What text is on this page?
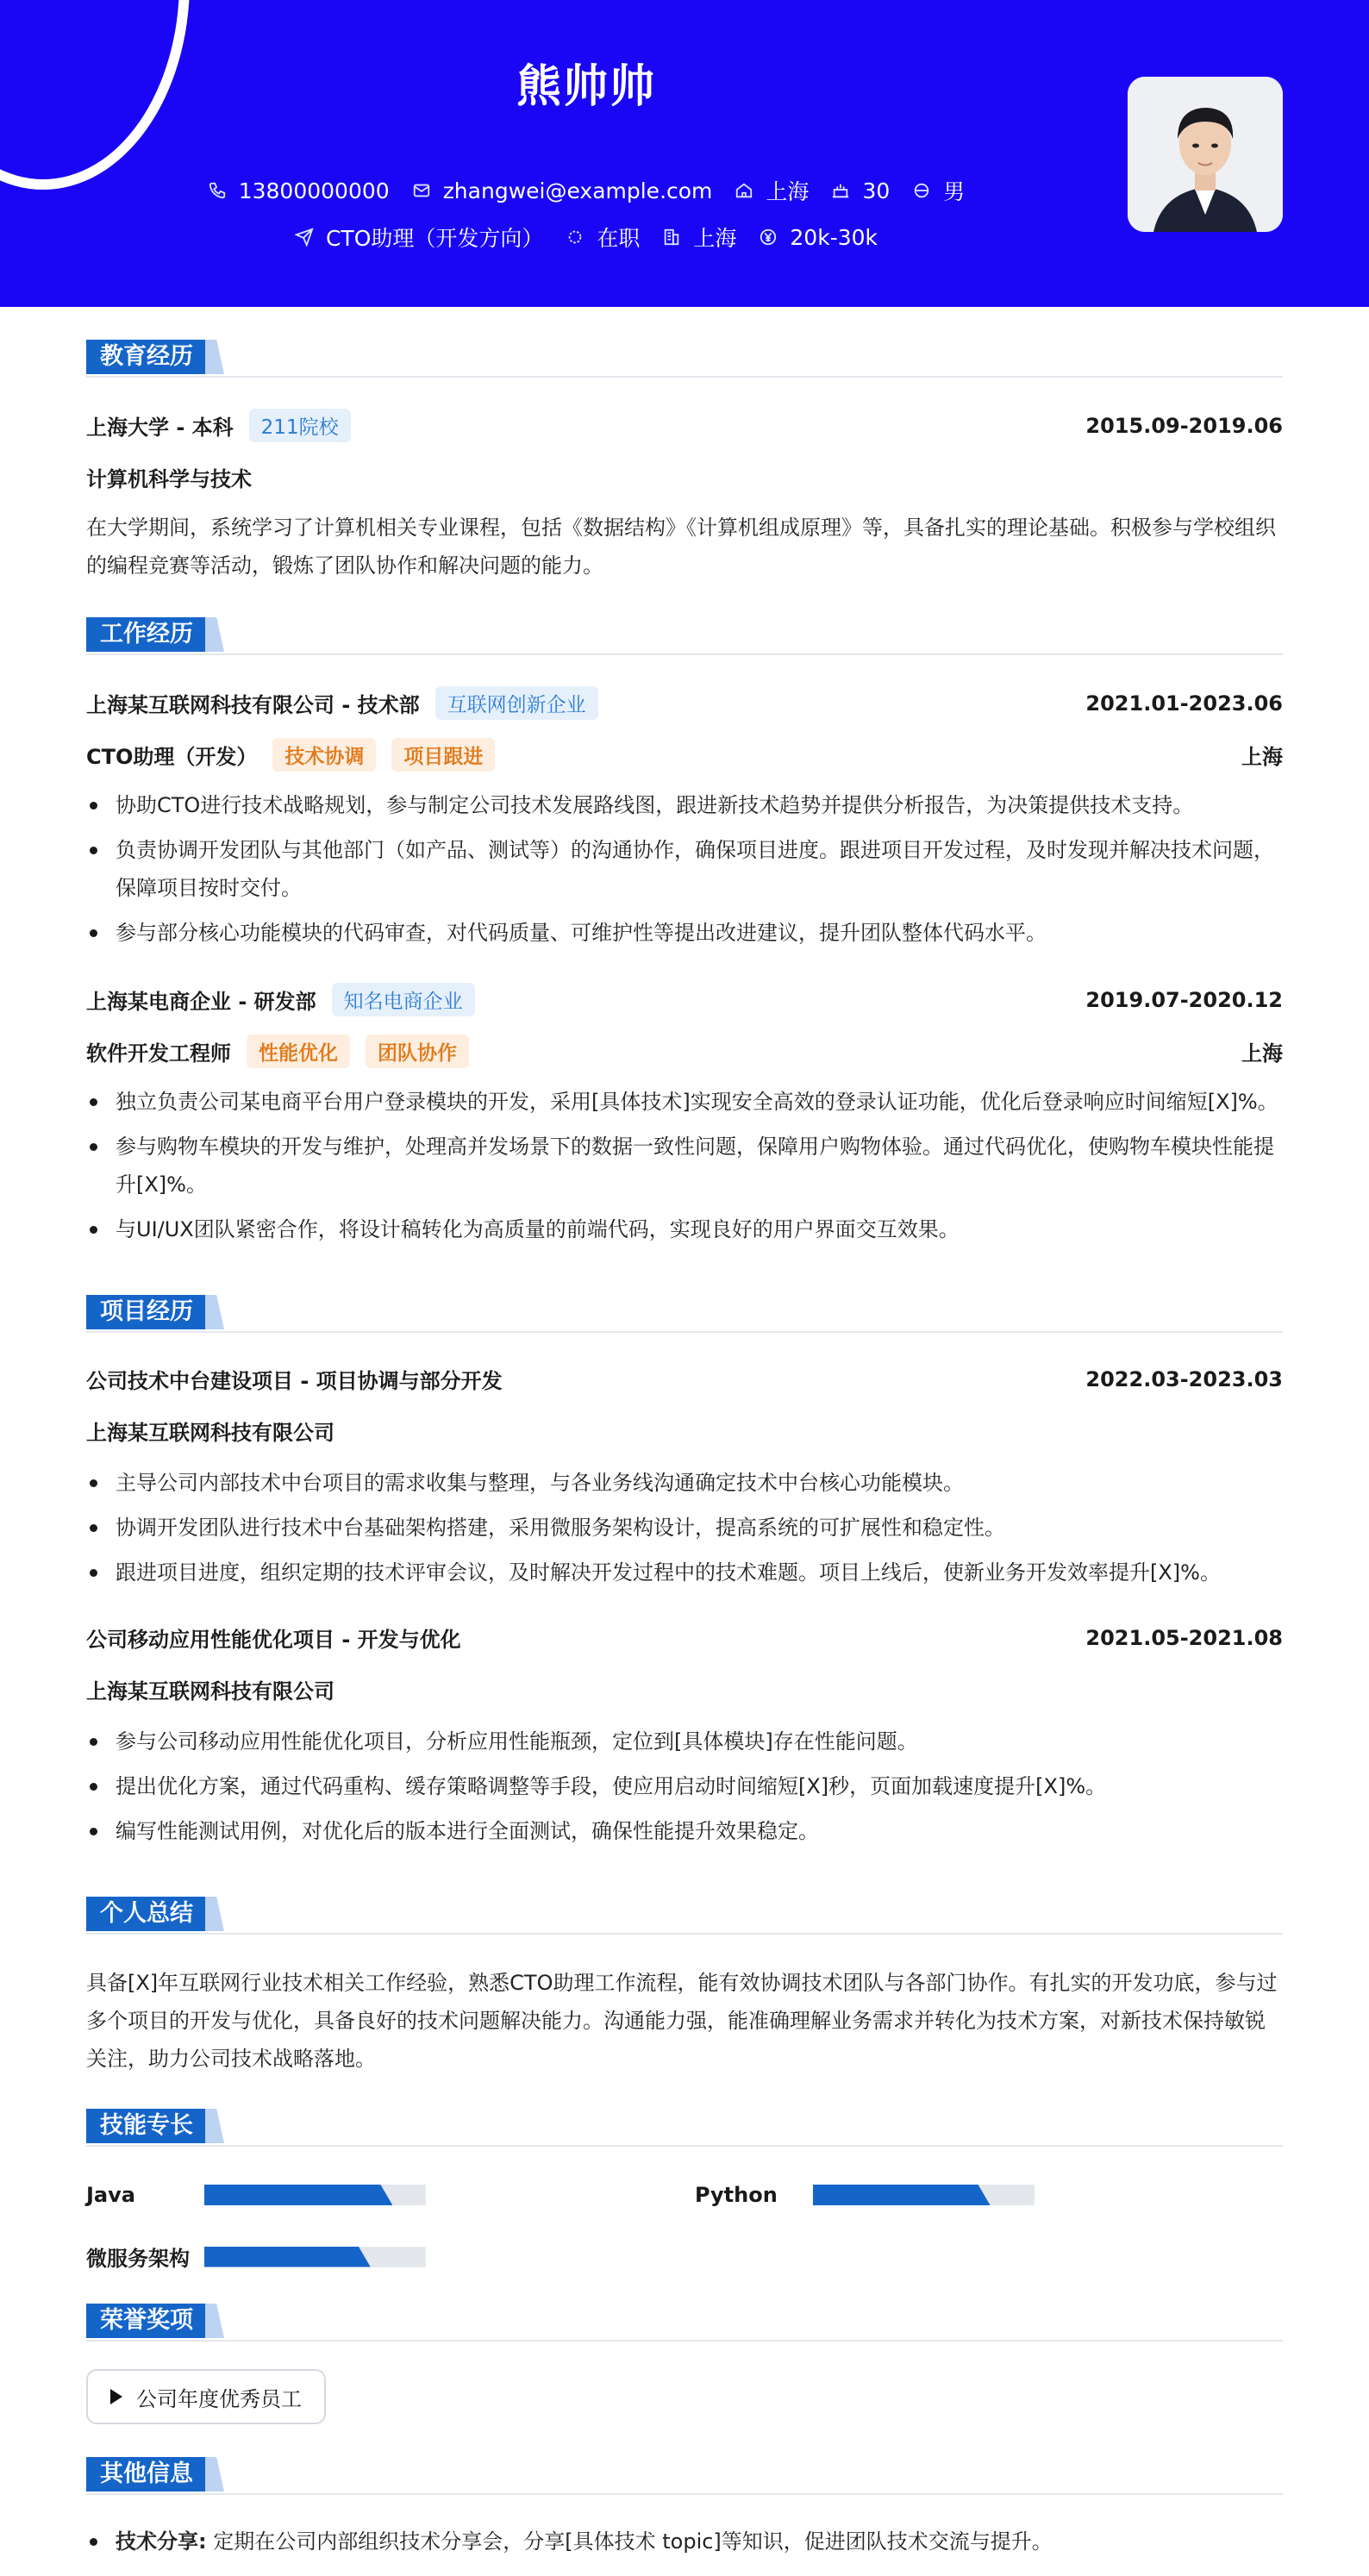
熊帅帅
13800000000 zhangwei@example.com 上海 30 男
CTO助理（开发方向） 在职 上海 20k-30k
教育经历
上海大学 - 本科	211院校	2015.09-2019.06
计算机科学与技术
在大学期间，系统学习了计算机相关专业课程，包括《数据结构》《计算机组成原理》等，具备扎实的理论基础。积极参与学校组织的编程竞赛等活动，锻炼了团队协作和解决问题的能力。
工作经历
上海某互联网科技有限公司 - 技术部	互联网创新企业	2021.01-2023.06
CTO助理（开发）	技术协调	项目跟进	上海
协助CTO进行技术战略规划，参与制定公司技术发展路线图，跟进新技术趋势并提供分析报告，为决策提供技术支持。
负责协调开发团队与其他部门（如产品、测试等）的沟通协作，确保项目进度。跟进项目开发过程，及时发现并解决技术问题，保障项目按时交付。
参与部分核心功能模块的代码审查，对代码质量、可维护性等提出改进建议，提升团队整体代码水平。
上海某电商企业 - 研发部	知名电商企业	2019.07-2020.12
软件开发工程师	性能优化	团队协作	上海
独立负责公司某电商平台用户登录模块的开发，采用[具体技术]实现安全高效的登录认证功能，优化后登录响应时间缩短[X]%。
参与购物车模块的开发与维护，处理高并发场景下的数据一致性问题，保障用户购物体验。通过代码优化，使购物车模块性能提升[X]%。
与UI/UX团队紧密合作，将设计稿转化为高质量的前端代码，实现良好的用户界面交互效果。
项目经历
公司技术中台建设项目 - 项目协调与部分开发	2022.03-2023.03
上海某互联网科技有限公司
主导公司内部技术中台项目的需求收集与整理，与各业务线沟通确定技术中台核心功能模块。
协调开发团队进行技术中台基础架构搭建，采用微服务架构设计，提高系统的可扩展性和稳定性。
跟进项目进度，组织定期的技术评审会议，及时解决开发过程中的技术难题。项目上线后，使新业务开发效率提升[X]%。
公司移动应用性能优化项目 - 开发与优化	2021.05-2021.08
上海某互联网科技有限公司
参与公司移动应用性能优化项目，分析应用性能瓶颈，定位到[具体模块]存在性能问题。
提出优化方案，通过代码重构、缓存策略调整等手段，使应用启动时间缩短[X]秒，页面加载速度提升[X]%。
编写性能测试用例，对优化后的版本进行全面测试，确保性能提升效果稳定。
个人总结
具备[X]年互联网行业技术相关工作经验，熟悉CTO助理工作流程，能有效协调技术团队与各部门协作。有扎实的开发功底，参与过多个项目的开发与优化，具备良好的技术问题解决能力。沟通能力强，能准确理解业务需求并转化为技术方案，对新技术保持敏锐关注，助力公司技术战略落地。
技能专长
Java	Python
微服务架构
荣誉奖项
公司年度优秀员工
其他信息
技术分享: 定期在公司内部组织技术分享会，分享[具体技术 topic]等知识，促进团队技术交流与提升。
